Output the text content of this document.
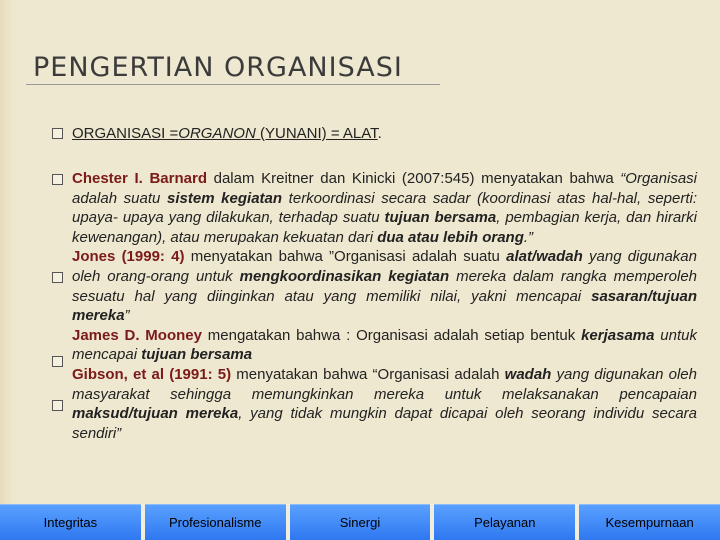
PENGERTIAN ORGANISASI

ORGANISASI =ORGANON (YUNANI) = ALAT.

Chester I. Barnard dalam Kreitner dan Kinicki (2007:545) menyatakan bahwa “Organisasi adalah suatu sistem kegiatan terkoordinasi secara sadar (koordinasi atas hal-hal, seperti: upaya- upaya yang dilakukan, terhadap suatu tujuan bersama, pembagian kerja, dan hirarki kewenangan), atau merupakan kekuatan dari dua atau lebih orang.”
Jones (1999: 4) menyatakan bahwa ”Organisasi adalah suatu alat/wadah yang digunakan oleh orang-orang untuk mengkoordinasikan kegiatan mereka dalam rangka memperoleh sesuatu hal yang diinginkan atau yang memiliki nilai, yakni mencapai sasaran/tujuan mereka”
James D. Mooney mengatakan bahwa : Organisasi adalah setiap bentuk kerjasama untuk mencapai tujuan bersama
Gibson, et al (1991: 5) menyatakan bahwa “Organisasi adalah wadah yang digunakan oleh masyarakat sehingga memungkinkan mereka untuk melaksanakan pencapaian maksud/tujuan mereka, yang tidak mungkin dapat dicapai oleh seorang individu secara sendiri”
Integritas	Profesionalisme	Sinergi	Pelayanan	Kesempurnaan
